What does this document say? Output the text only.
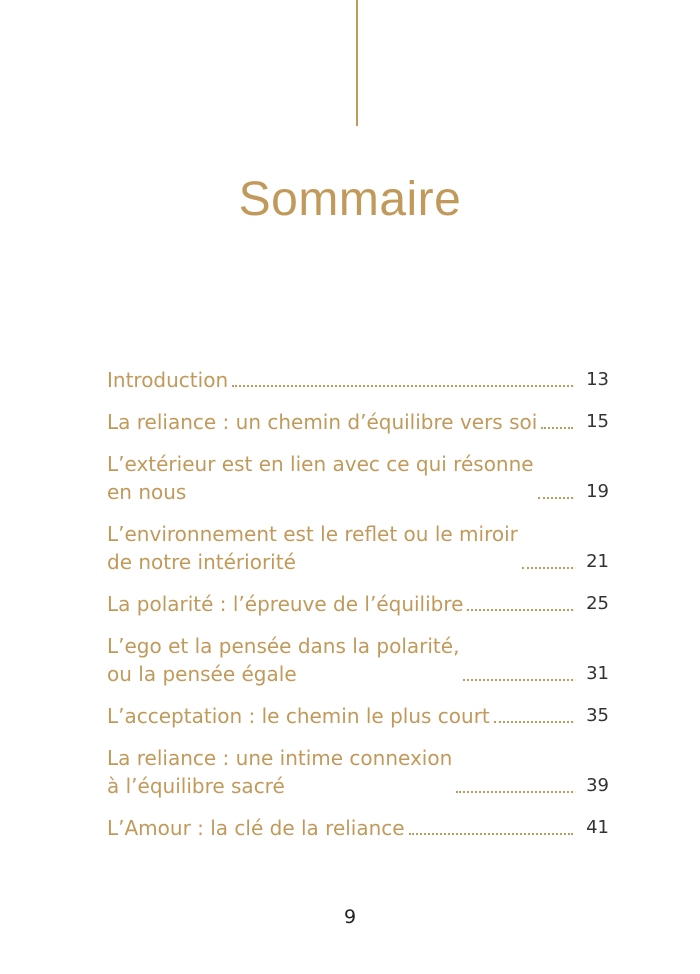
Sommaire
Introduction	13
La reliance : un chemin d’équilibre vers soi	15
L’extérieur est en lien avec ce qui résonne
en nous	19
L’environnement est le reflet ou le miroir
de notre intériorité	21
La polarité : l’épreuve de l’équilibre	25
L’ego et la pensée dans la polarité,
ou la pensée égale	31
L’acceptation : le chemin le plus court	35
La reliance : une intime connexion
à l’équilibre sacré	39
L’Amour : la clé de la reliance	41
9
